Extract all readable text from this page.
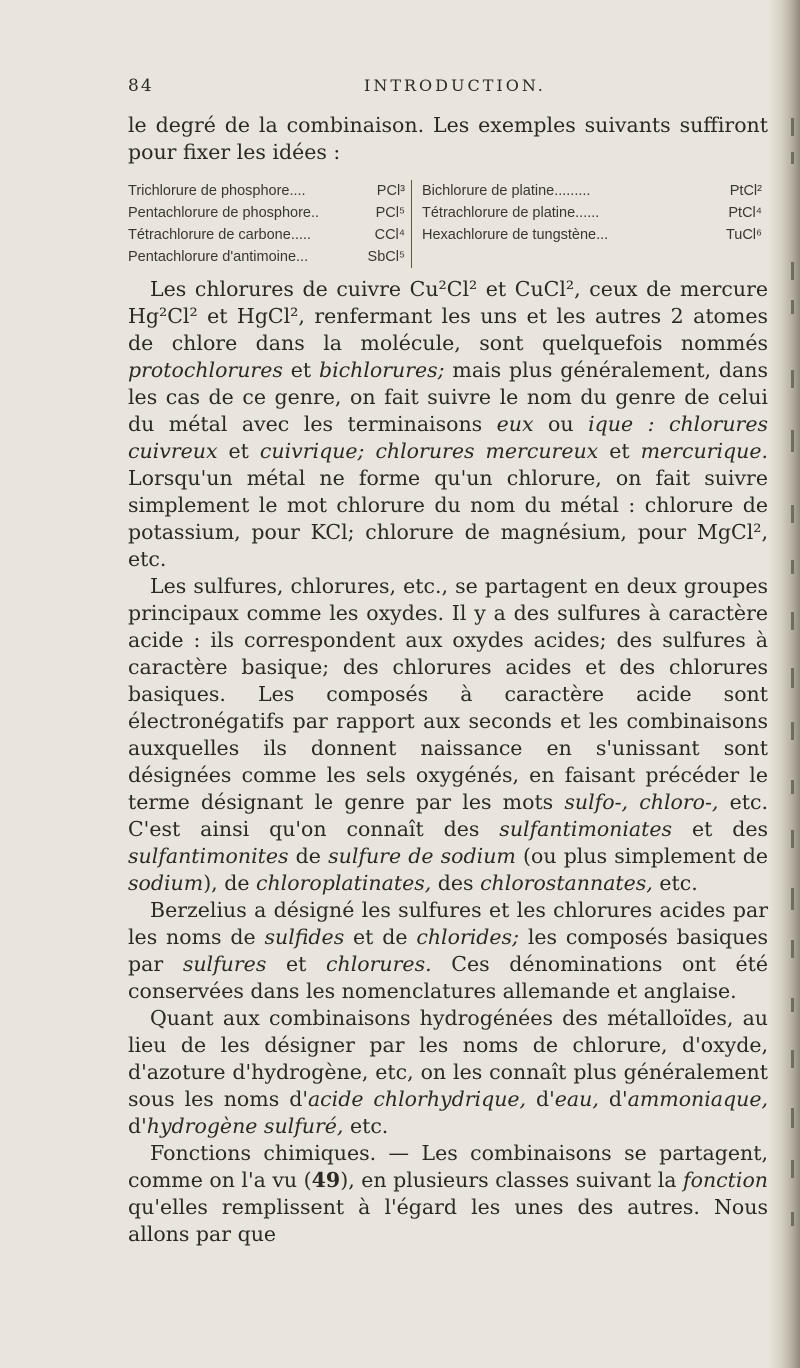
84	INTRODUCTION.

le degré de la combinaison. Les exemples suivants suffiront pour fixer les idées :

Trichlorure de phosphore....	PCl³
Pentachlorure de phosphore..	PCl⁵
Tétrachlorure de carbone.....	CCl⁴
Pentachlorure d'antimoine...	SbCl⁵
Bichlorure de platine.........	PtCl²
Tétrachlorure de platine......	PtCl⁴
Hexachlorure de tungstène...	TuCl⁶

Les chlorures de cuivre Cu²Cl² et CuCl², ceux de mercure Hg²Cl² et HgCl², renfermant les uns et les autres 2 atomes de chlore dans la molécule, sont quelquefois nommés protochlorures et bichlorures; mais plus généralement, dans les cas de ce genre, on fait suivre le nom du genre de celui du métal avec les terminaisons eux ou ique : chlorures cuivreux et cuivrique; chlorures mercureux et mercurique. Lorsqu'un métal ne forme qu'un chlorure, on fait suivre simplement le mot chlorure du nom du métal : chlorure de potassium, pour KCl; chlorure de magnésium, pour MgCl², etc.

Les sulfures, chlorures, etc., se partagent en deux groupes principaux comme les oxydes. Il y a des sulfures à caractère acide : ils correspondent aux oxydes acides; des sulfures à caractère basique; des chlorures acides et des chlorures basiques. Les composés à caractère acide sont électronégatifs par rapport aux seconds et les combinaisons auxquelles ils donnent naissance en s'unissant sont désignées comme les sels oxygénés, en faisant précéder le terme désignant le genre par les mots sulfo-, chloro-, etc. C'est ainsi qu'on connaît des sulfantimoniates et des sulfantimonites de sulfure de sodium (ou plus simplement de sodium), de chloroplatinates, des chlorostannates, etc.

Berzelius a désigné les sulfures et les chlorures acides par les noms de sulfides et de chlorides; les composés basiques par sulfures et chlorures. Ces dénominations ont été conservées dans les nomenclatures allemande et anglaise.

Quant aux combinaisons hydrogénées des métalloïdes, au lieu de les désigner par les noms de chlorure, d'oxyde, d'azoture d'hydrogène, etc, on les connaît plus généralement sous les noms d'acide chlorhydrique, d'eau, d'ammoniaque, d'hydrogène sulfuré, etc.

Fonctions chimiques. — Les combinaisons se partagent, comme on l'a vu (49), en plusieurs classes suivant la fonction qu'elles remplissent à l'égard les unes des autres. Nous allons par que
